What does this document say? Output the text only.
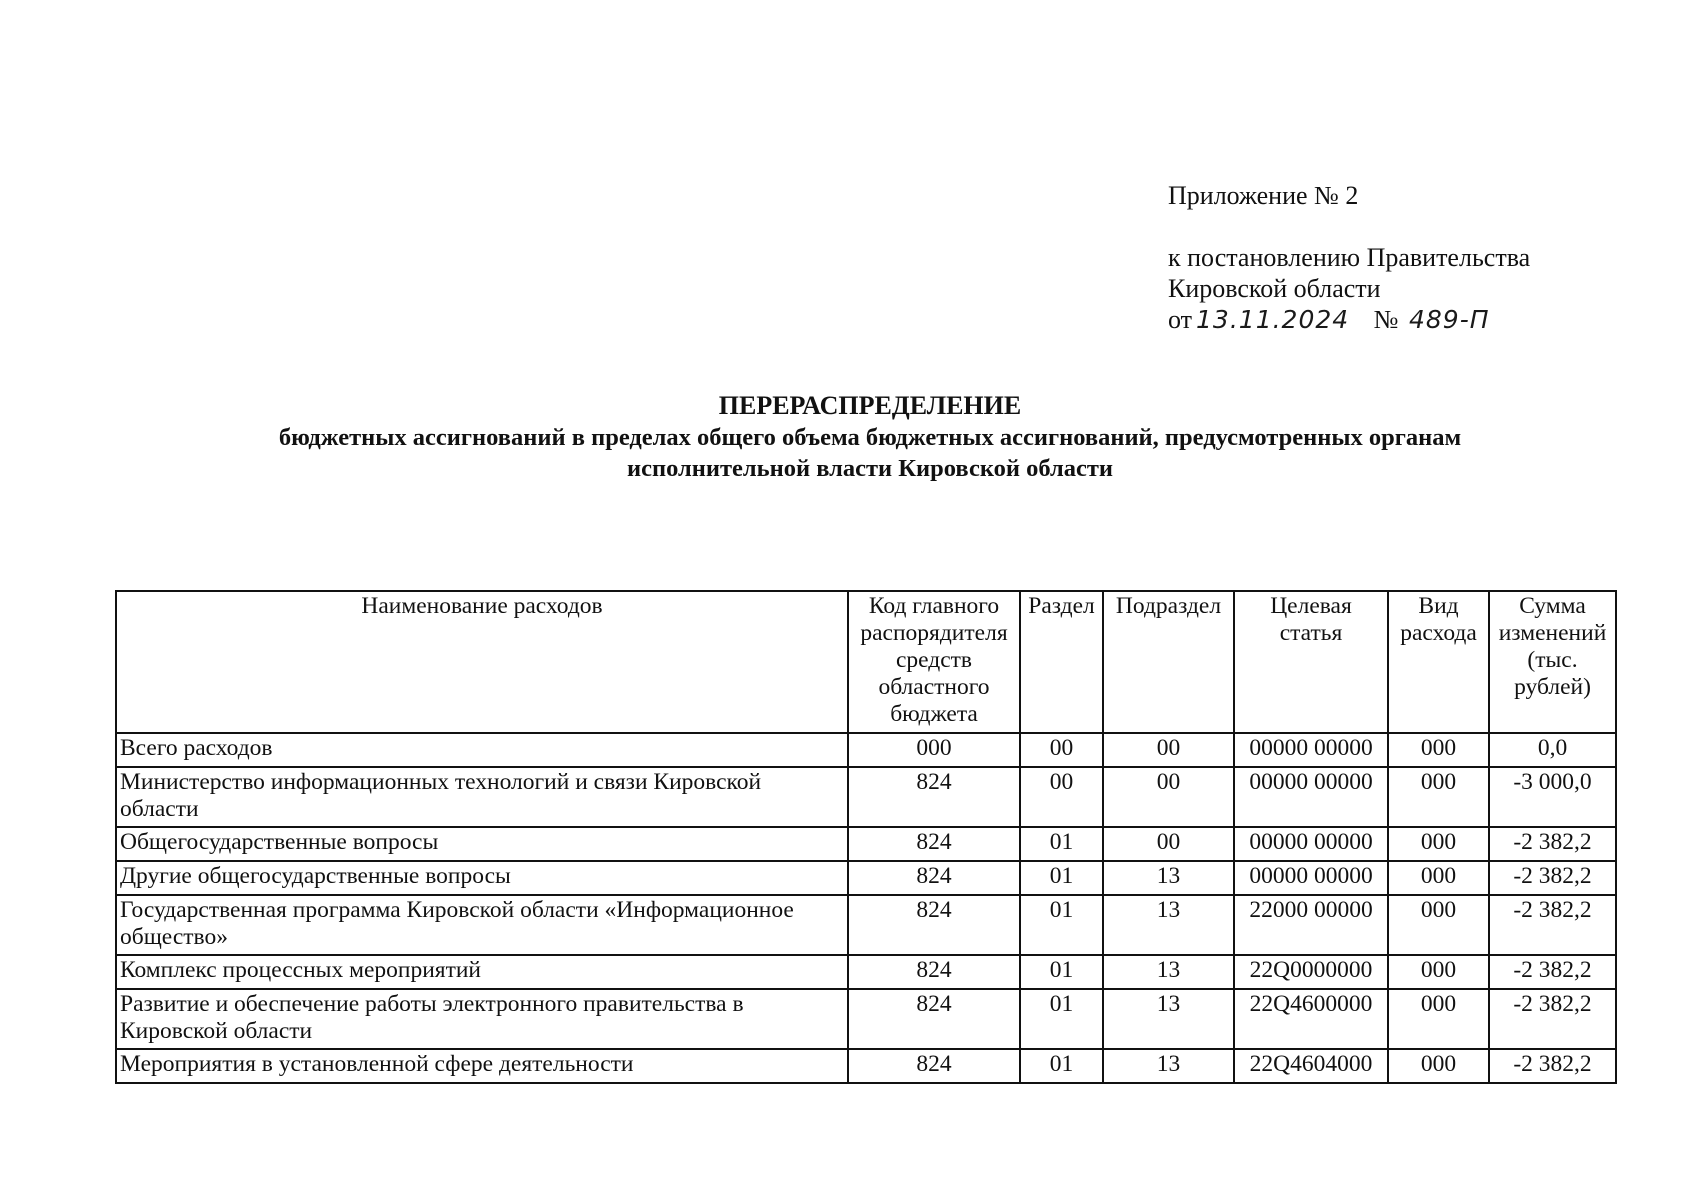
Приложение № 2
к постановлению Правительства
Кировской области
от 13.11.2024 № 489-П
ПЕРЕРАСПРЕДЕЛЕНИЕ
бюджетных ассигнований в пределах общего объема бюджетных ассигнований, предусмотренных органам
исполнительной власти Кировской области
Наименование расходов	Код главного распорядителя средств областного бюджета	Раздел	Подраздел	Целевая статья	Вид расхода	Сумма изменений (тыс. рублей)
Всего расходов	000	00	00	00000 00000	000	0,0
Министерство информационных технологий и связи Кировской области	824	00	00	00000 00000	000	-3 000,0
Общегосударственные вопросы	824	01	00	00000 00000	000	-2 382,2
Другие общегосударственные вопросы	824	01	13	00000 00000	000	-2 382,2
Государственная программа Кировской области «Информационное общество»	824	01	13	22000 00000	000	-2 382,2
Комплекс процессных мероприятий	824	01	13	22Q0000000	000	-2 382,2
Развитие и обеспечение работы электронного правительства в Кировской области	824	01	13	22Q4600000	000	-2 382,2
Мероприятия в установленной сфере деятельности	824	01	13	22Q4604000	000	-2 382,2
